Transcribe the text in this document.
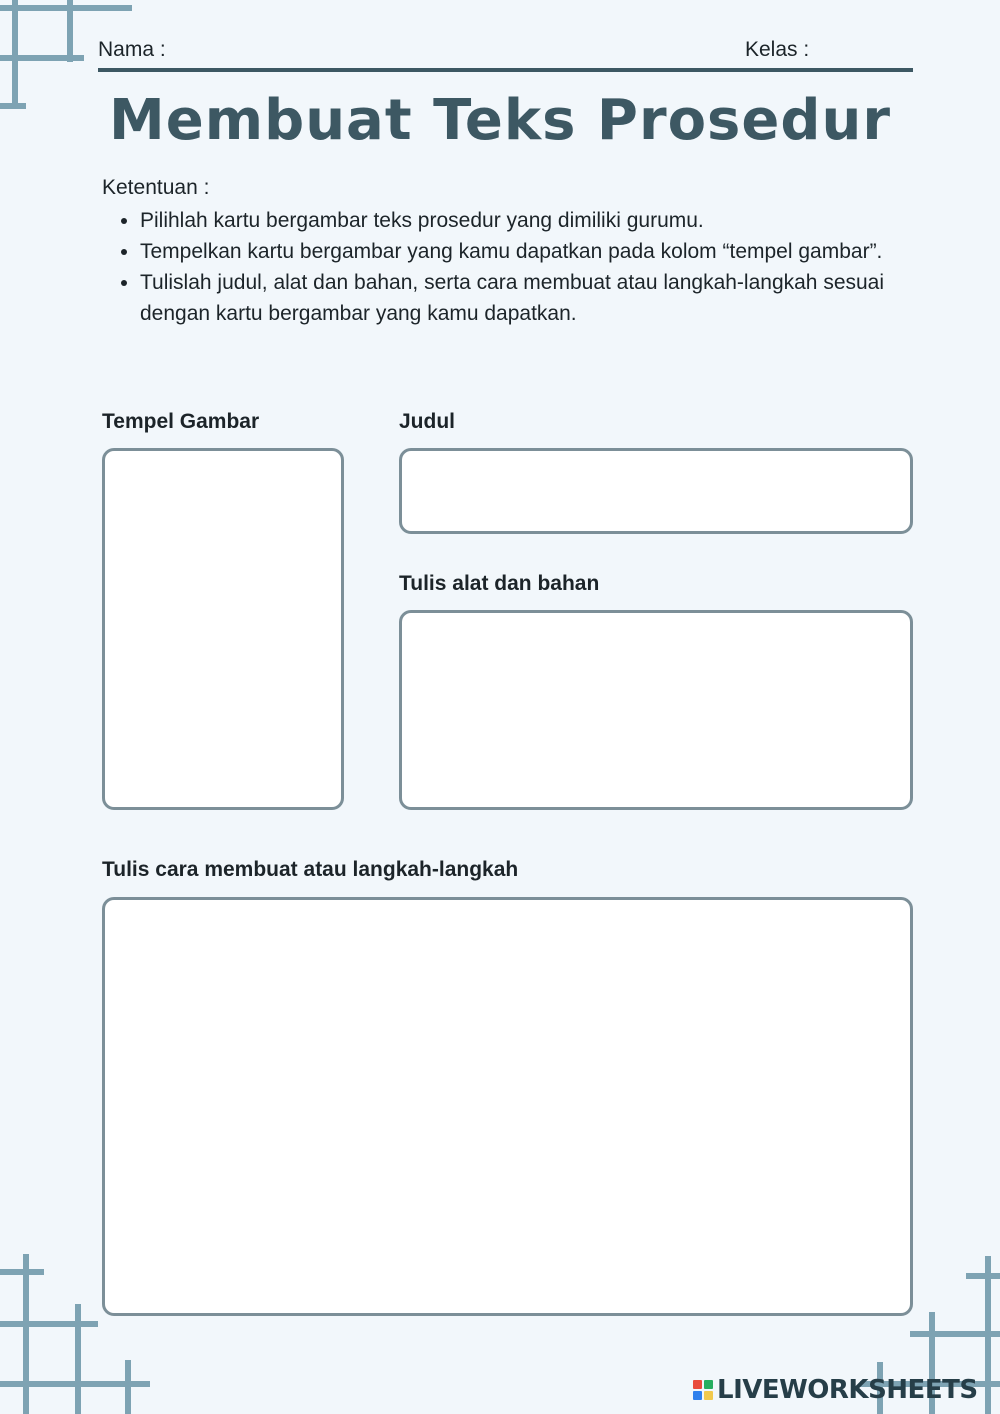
Nama :	Kelas :
Membuat Teks Prosedur
Ketentuan :
• Pilihlah kartu bergambar teks prosedur yang dimiliki gurumu.
• Tempelkan kartu bergambar yang kamu dapatkan pada kolom “tempel gambar”.
• Tulislah judul, alat dan bahan, serta cara membuat atau langkah-langkah sesuai dengan kartu bergambar yang kamu dapatkan.
Tempel Gambar	Judul
Tulis alat dan bahan
Tulis cara membuat atau langkah-langkah
LIVEWORKSHEETS
